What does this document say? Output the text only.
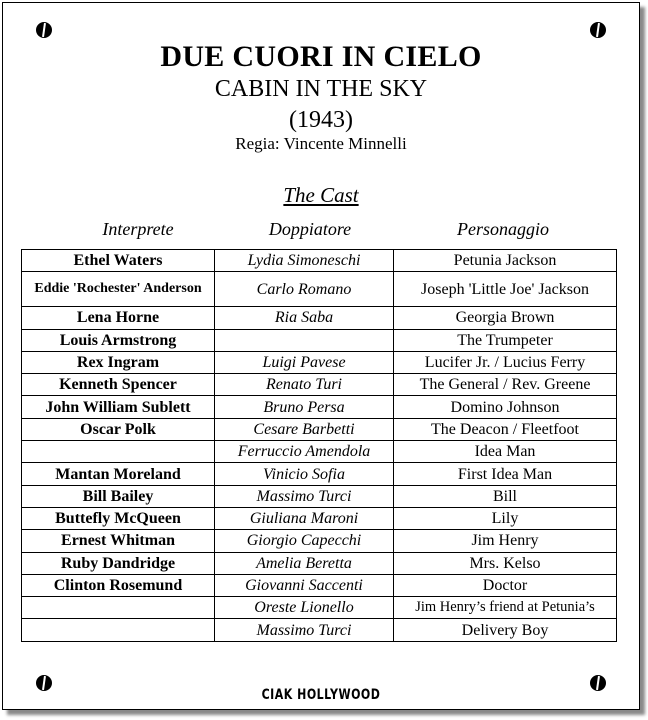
DUE CUORI IN CIELO
CABIN IN THE SKY
(1943)
Regia: Vincente Minnelli
The Cast
Interprete	Doppiatore	Personaggio
Ethel Waters	Lydia Simoneschi	Petunia Jackson
Eddie 'Rochester' Anderson	Carlo Romano	Joseph 'Little Joe' Jackson
Lena Horne	Ria Saba	Georgia Brown
Louis Armstrong		The Trumpeter
Rex Ingram	Luigi Pavese	Lucifer Jr. / Lucius Ferry
Kenneth Spencer	Renato Turi	The General / Rev. Greene
John William Sublett	Bruno Persa	Domino Johnson
Oscar Polk	Cesare Barbetti	The Deacon / Fleetfoot
	Ferruccio Amendola	Idea Man
Mantan Moreland	Vinicio Sofia	First Idea Man
Bill Bailey	Massimo Turci	Bill
Buttefly McQueen	Giuliana Maroni	Lily
Ernest Whitman	Giorgio Capecchi	Jim Henry
Ruby Dandridge	Amelia Beretta	Mrs. Kelso
Clinton Rosemund	Giovanni Saccenti	Doctor
	Oreste Lionello	Jim Henry’s friend at Petunia’s
	Massimo Turci	Delivery Boy
CIAK HOLLYWOOD
